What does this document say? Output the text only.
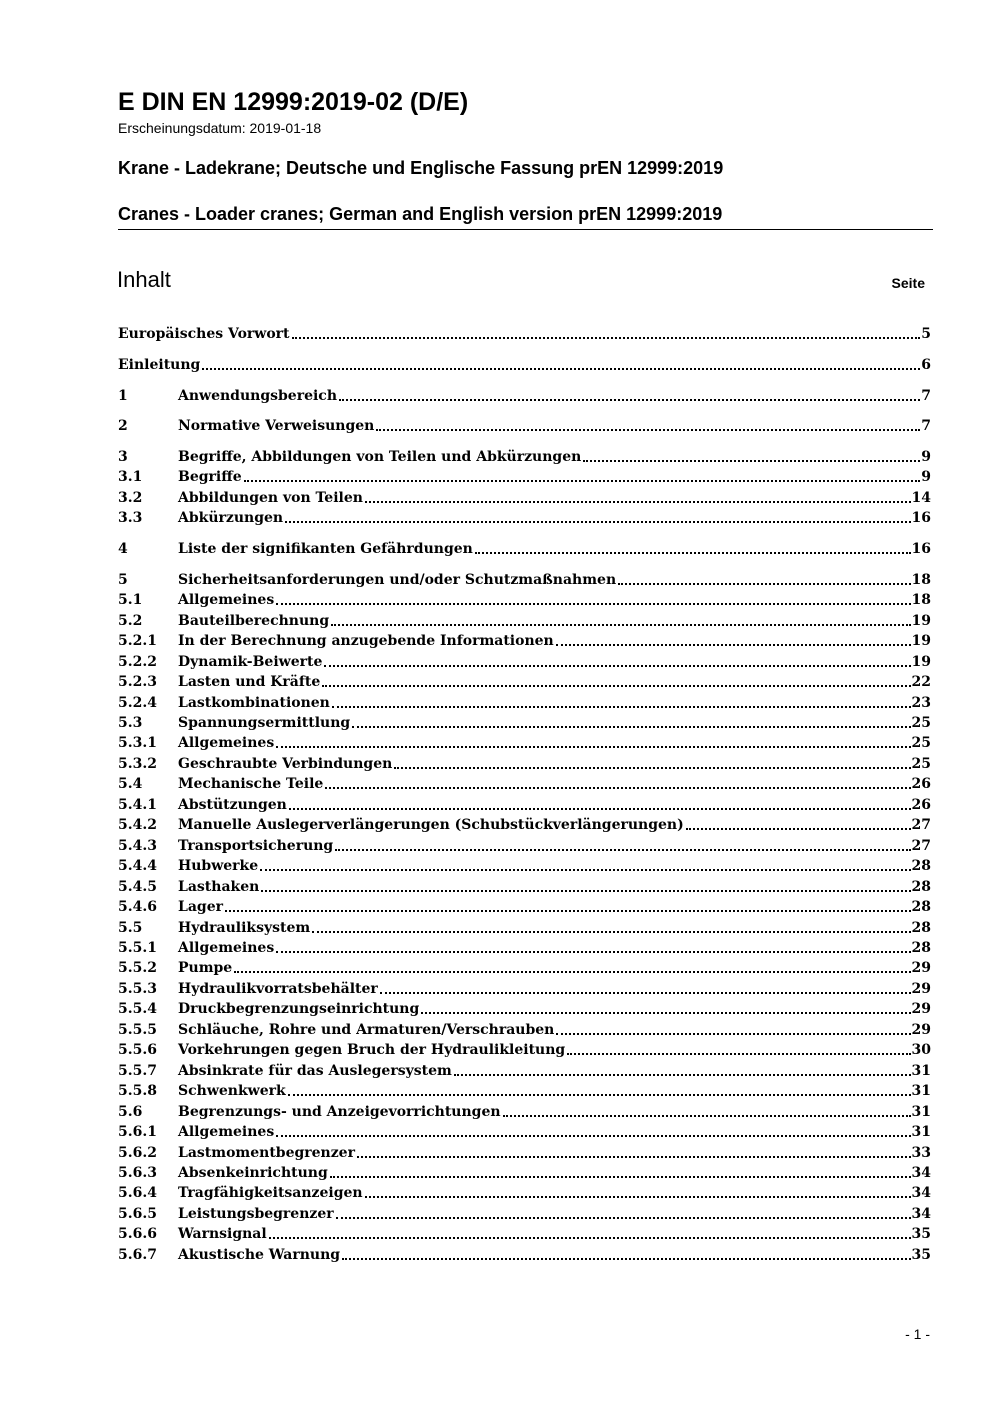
E DIN EN 12999:2019-02 (D/E)
Erscheinungsdatum: 2019-01-18
Krane - Ladekrane; Deutsche und Englische Fassung prEN 12999:2019
Cranes - Loader cranes; German and English version prEN 12999:2019
Inhalt	Seite
Europäisches Vorwort	5
Einleitung	6
1	Anwendungsbereich	7
2	Normative Verweisungen	7
3	Begriffe, Abbildungen von Teilen und Abkürzungen	9
3.1	Begriffe	9
3.2	Abbildungen von Teilen	14
3.3	Abkürzungen	16
4	Liste der signifikanten Gefährdungen	16
5	Sicherheitsanforderungen und/oder Schutzmaßnahmen	18
5.1	Allgemeines	18
5.2	Bauteilberechnung	19
5.2.1	In der Berechnung anzugebende Informationen	19
5.2.2	Dynamik-Beiwerte	19
5.2.3	Lasten und Kräfte	22
5.2.4	Lastkombinationen	23
5.3	Spannungsermittlung	25
5.3.1	Allgemeines	25
5.3.2	Geschraubte Verbindungen	25
5.4	Mechanische Teile	26
5.4.1	Abstützungen	26
5.4.2	Manuelle Auslegerverlängerungen (Schubstückverlängerungen)	27
5.4.3	Transportsicherung	27
5.4.4	Hubwerke	28
5.4.5	Lasthaken	28
5.4.6	Lager	28
5.5	Hydrauliksystem	28
5.5.1	Allgemeines	28
5.5.2	Pumpe	29
5.5.3	Hydraulikvorratsbehälter	29
5.5.4	Druckbegrenzungseinrichtung	29
5.5.5	Schläuche, Rohre und Armaturen/Verschrauben	29
5.5.6	Vorkehrungen gegen Bruch der Hydraulikleitung	30
5.5.7	Absinkrate für das Auslegersystem	31
5.5.8	Schwenkwerk	31
5.6	Begrenzungs- und Anzeigevorrichtungen	31
5.6.1	Allgemeines	31
5.6.2	Lastmomentbegrenzer	33
5.6.3	Absenkeinrichtung	34
5.6.4	Tragfähigkeitsanzeigen	34
5.6.5	Leistungsbegrenzer	34
5.6.6	Warnsignal	35
5.6.7	Akustische Warnung	35
- 1 -
